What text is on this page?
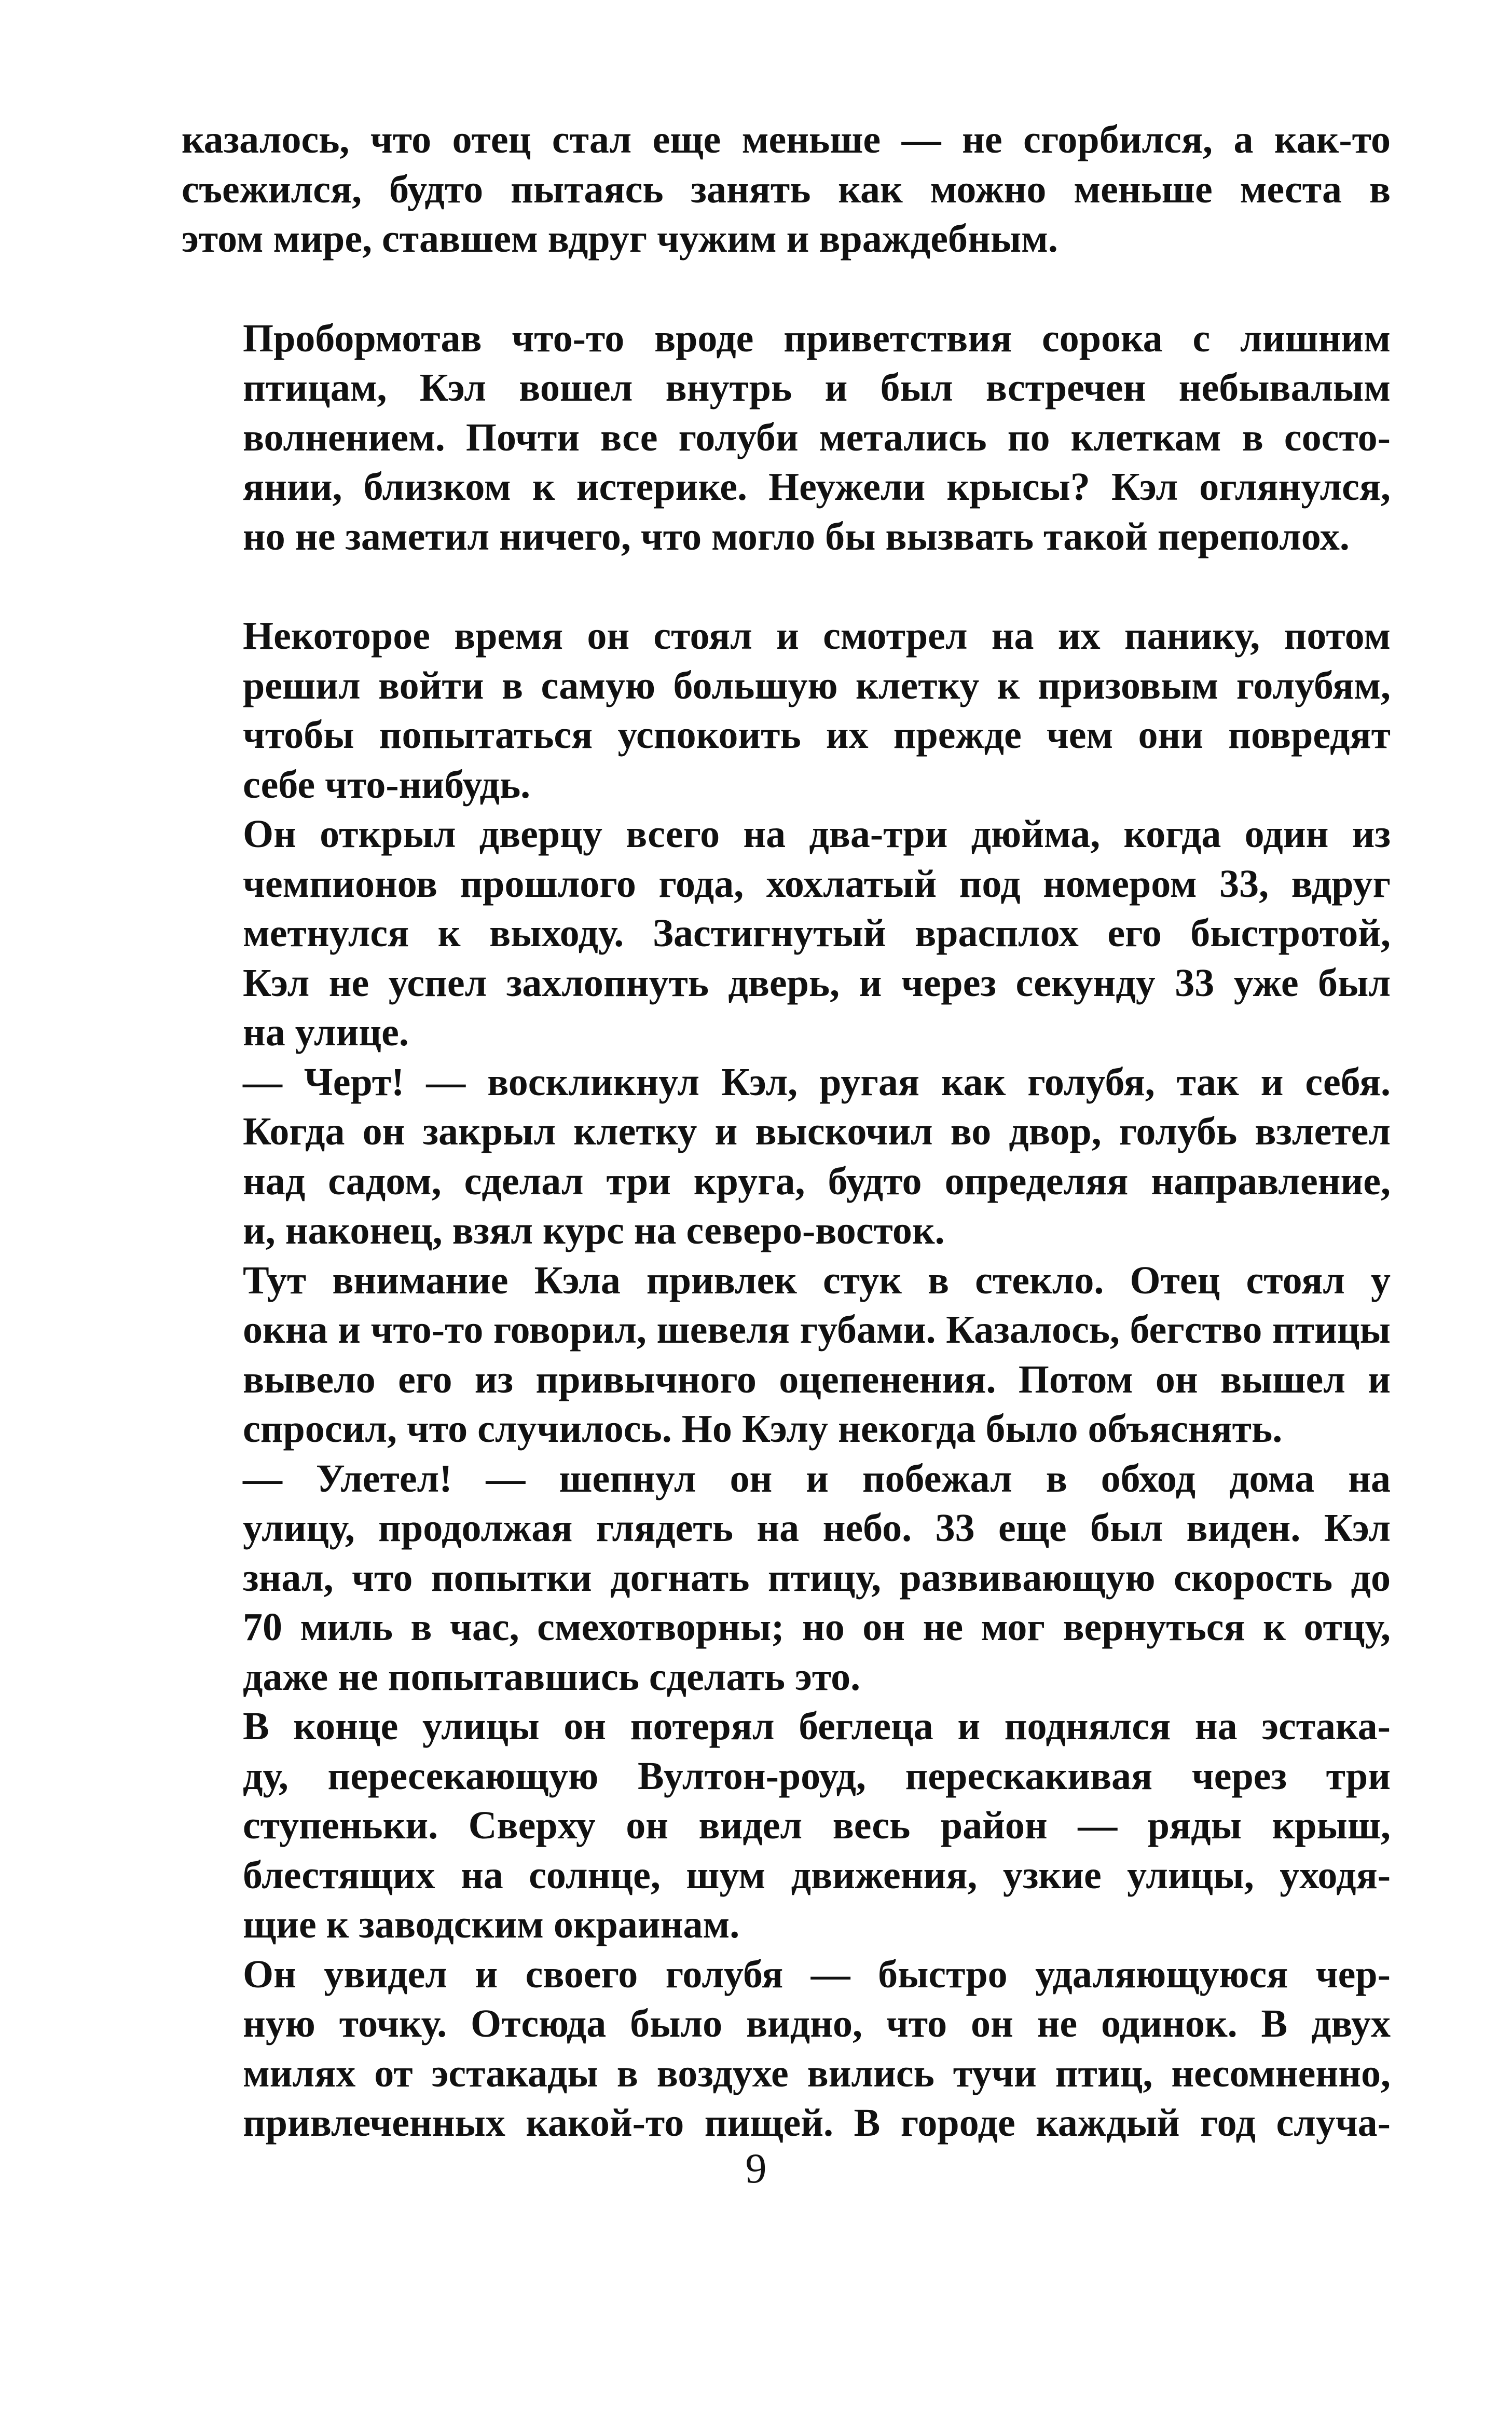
казалось, что отец стал еще меньше — не сгорбился, а как-то
съежился, будто пытаясь занять как можно меньше места в
этом мире, ставшем вдруг чужим и враждебным.
Пробормотав что-то вроде приветствия сорока с лишним
птицам, Кэл вошел внутрь и был встречен небывалым
волнением. Почти все голуби метались по клеткам в состо-
янии, близком к истерике. Неужели крысы? Кэл оглянулся,
но не заметил ничего, что могло бы вызвать такой переполох.
Некоторое время он стоял и смотрел на их панику, потом
решил войти в самую большую клетку к призовым голубям,
чтобы попытаться успокоить их прежде чем они повредят
себе что-нибудь.
Он открыл дверцу всего на два-три дюйма, когда один из
чемпионов прошлого года, хохлатый под номером 33, вдруг
метнулся к выходу. Застигнутый врасплох его быстротой,
Кэл не успел захлопнуть дверь, и через секунду 33 уже был
на улице.
— Черт! — воскликнул Кэл, ругая как голубя, так и себя.
Когда он закрыл клетку и выскочил во двор, голубь взлетел
над садом, сделал три круга, будто определяя направление,
и, наконец, взял курс на северо-восток.
Тут внимание Кэла привлек стук в стекло. Отец стоял у
окна и что-то говорил, шевеля губами. Казалось, бегство птицы
вывело его из привычного оцепенения. Потом он вышел и
спросил, что случилось. Но Кэлу некогда было объяснять.
— Улетел! — шепнул он и побежал в обход дома на
улицу, продолжая глядеть на небо. 33 еще был виден. Кэл
знал, что попытки догнать птицу, развивающую скорость до
70 миль в час, смехотворны; но он не мог вернуться к отцу,
даже не попытавшись сделать это.
В конце улицы он потерял беглеца и поднялся на эстака-
ду, пересекающую Вултон-роуд, перескакивая через три
ступеньки. Сверху он видел весь район — ряды крыш,
блестящих на солнце, шум движения, узкие улицы, уходя-
щие к заводским окраинам.
Он увидел и своего голубя — быстро удаляющуюся чер-
ную точку. Отсюда было видно, что он не одинок. В двух
милях от эстакады в воздухе вились тучи птиц, несомненно,
привлеченных какой-то пищей. В городе каждый год случа-
9
